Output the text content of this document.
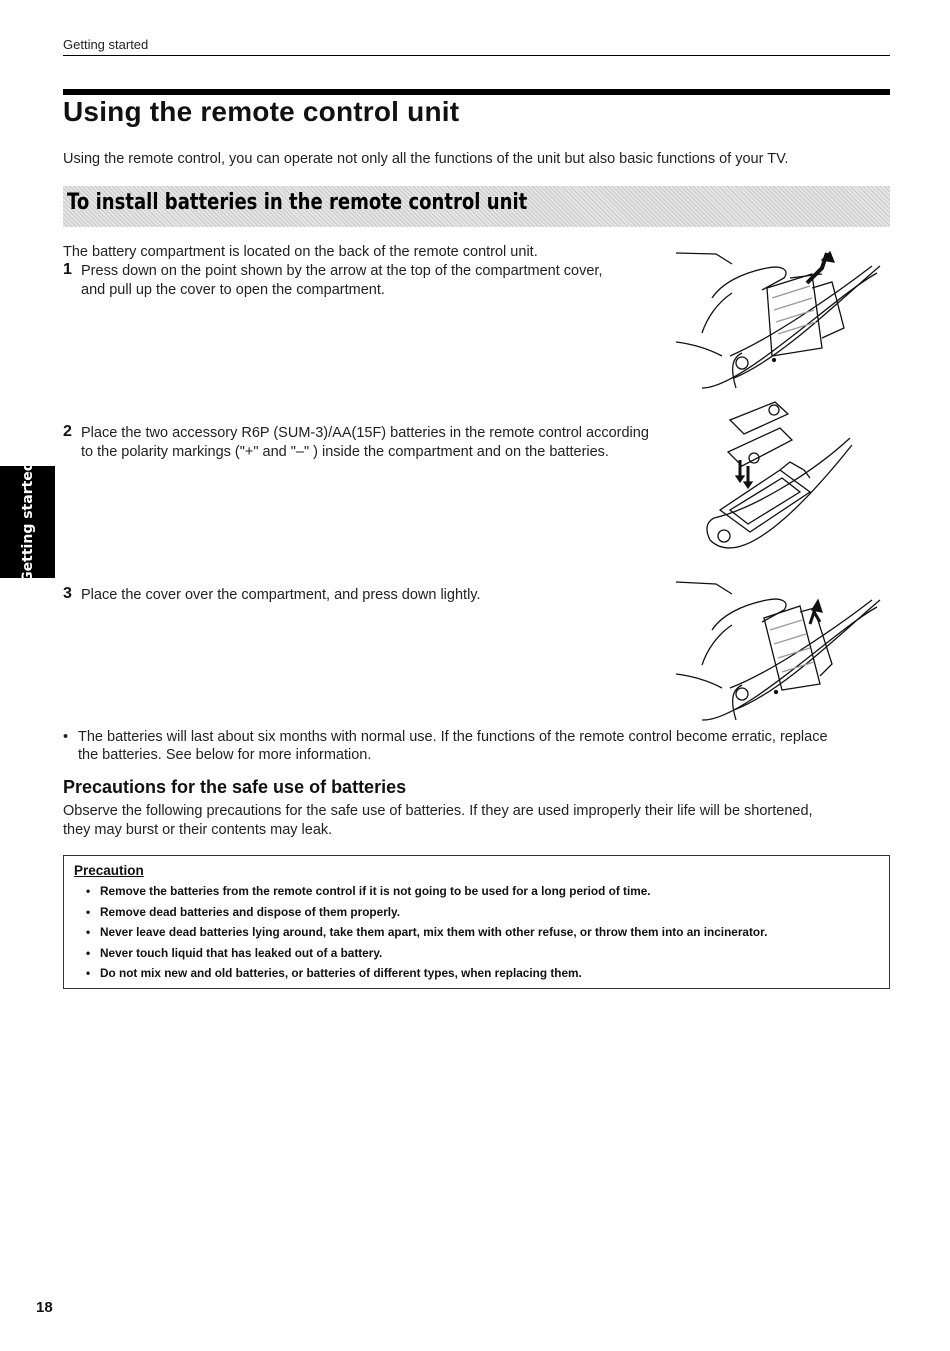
Getting started
Using the remote control unit
Using the remote control, you can operate not only all the functions of the unit but also basic functions of your TV.
To install batteries in the remote control unit
The battery compartment is located on the back of the remote control unit.
1 Press down on the point shown by the arrow at the top of the compartment cover,
and pull up the cover to open the compartment.
2 Place the two accessory R6P (SUM-3)/AA(15F) batteries in the remote control according
to the polarity markings ("+" and "–" ) inside the compartment and on the batteries.
Getting started
3 Place the cover over the compartment, and press down lightly.
• The batteries will last about six months with normal use. If the functions of the remote control become erratic, replace
the batteries. See below for more information.
Precautions for the safe use of batteries
Observe the following precautions for the safe use of batteries. If they are used improperly their life will be shortened,
they may burst or their contents may leak.
Precaution
• Remove the batteries from the remote control if it is not going to be used for a long period of time.
• Remove dead batteries and dispose of them properly.
• Never leave dead batteries lying around, take them apart, mix them with other refuse, or throw them into an incinerator.
• Never touch liquid that has leaked out of a battery.
• Do not mix new and old batteries, or batteries of different types, when replacing them.
18
